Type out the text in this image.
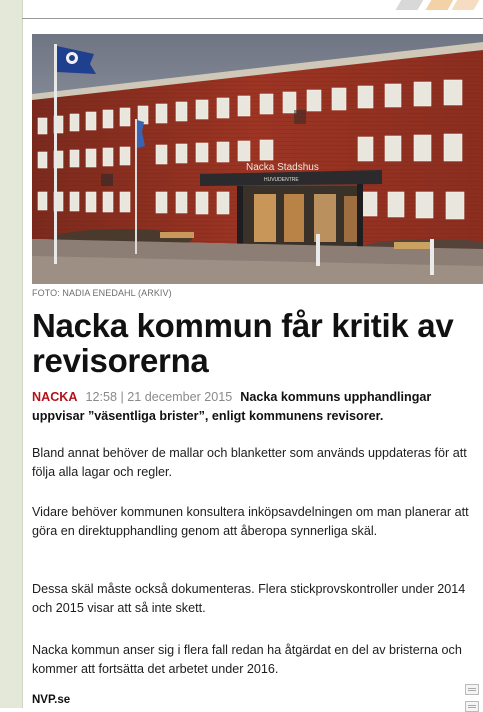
Nacka Stadshus
HUVUDENTRE
FOTO: NADIA ENEDAHL (ARKIV)
Nacka kommun får kritik av revisorerna
NACKA 12:58 | 21 december 2015 Nacka kommuns upphandlingar uppvisar ”väsentliga brister”, enligt kommunens revisorer.

Bland annat behöver de mallar och blanketter som används uppdateras för att följa alla lagar och regler.

Vidare behöver kommunen konsultera inköpsavdelningen om man planerar att göra en direktupphandling genom att åberopa synnerliga skäl.

Dessa skäl måste också dokumenteras. Flera stickprovskontroller under 2014 och 2015 visar att så inte skett.

Nacka kommun anser sig i flera fall redan ha åtgärdat en del av bristerna och kommer att fortsätta det arbetet under 2016.

NVP.se
